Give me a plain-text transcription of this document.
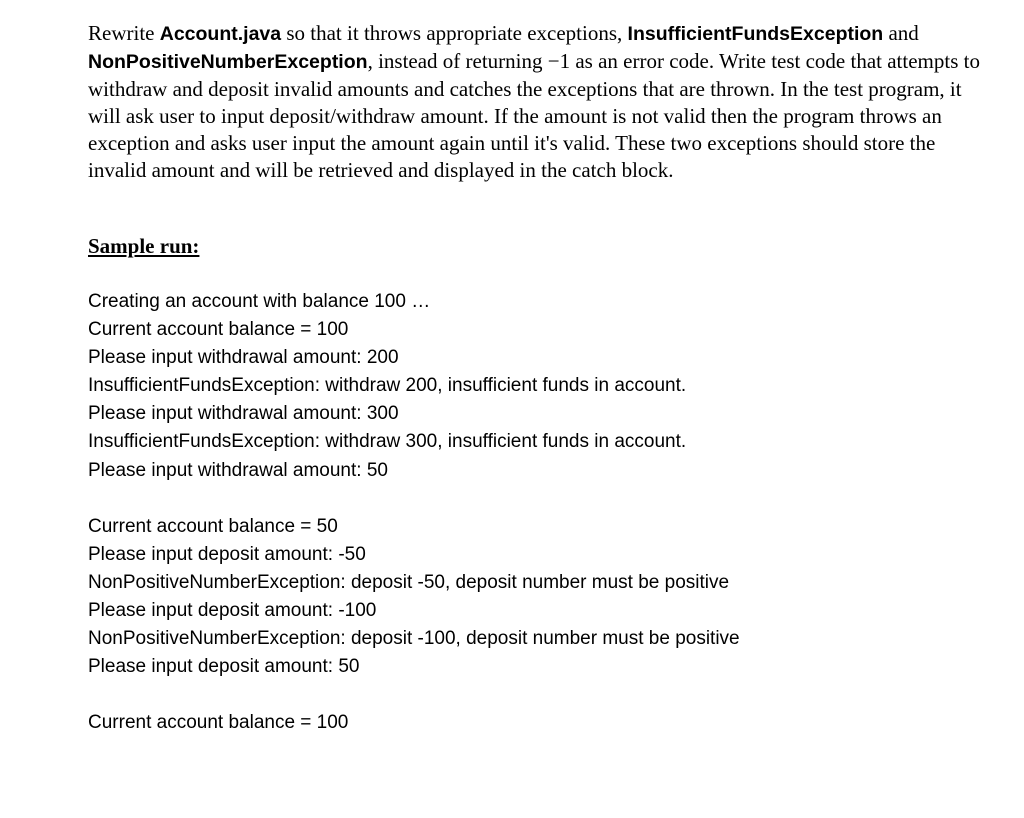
Rewrite Account.java so that it throws appropriate exceptions, InsufficientFundsException and NonPositiveNumberException, instead of returning −1 as an error code. Write test code that attempts to withdraw and deposit invalid amounts and catches the exceptions that are thrown. In the test program, it will ask user to input deposit/withdraw amount. If the amount is not valid then the program throws an exception and asks user input the amount again until it's valid. These two exceptions should store the invalid amount and will be retrieved and displayed in the catch block.

Sample run:

Creating an account with balance 100 …
Current account balance = 100
Please input withdrawal amount: 200
InsufficientFundsException: withdraw 200, insufficient funds in account.
Please input withdrawal amount: 300
InsufficientFundsException: withdraw 300, insufficient funds in account.
Please input withdrawal amount: 50
Current account balance = 50
Please input deposit amount: -50
NonPositiveNumberException: deposit -50, deposit number must be positive
Please input deposit amount: -100
NonPositiveNumberException: deposit -100, deposit number must be positive
Please input deposit amount: 50
Current account balance = 100
